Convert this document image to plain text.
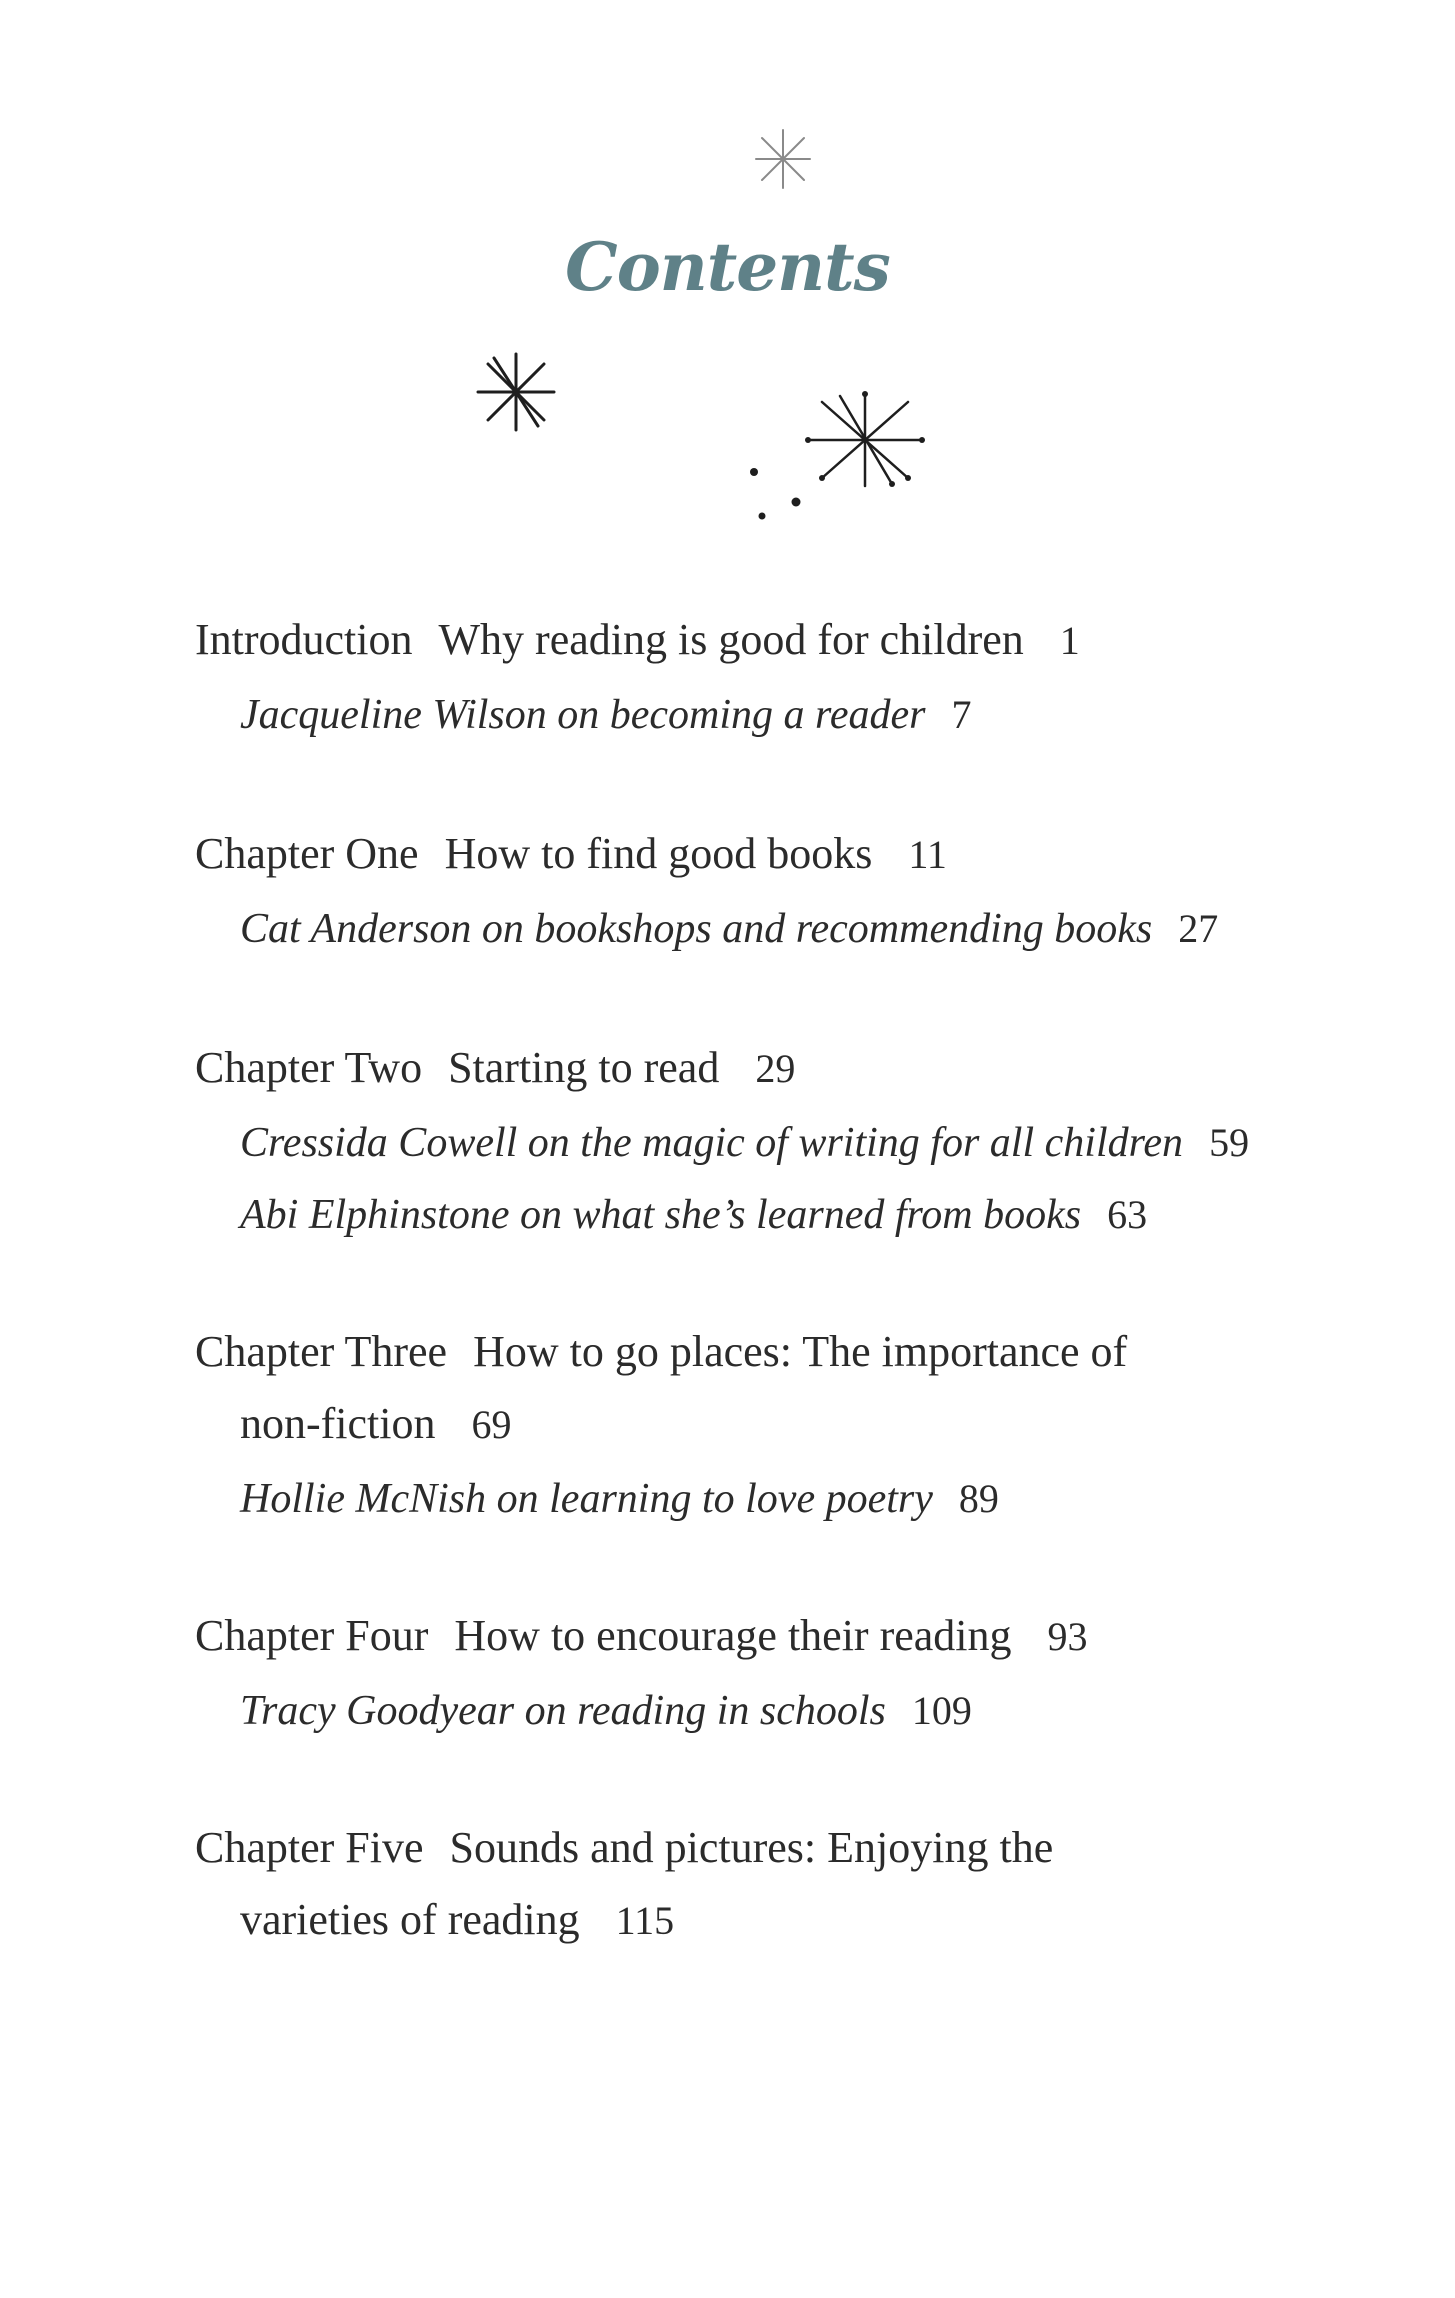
Contents
Introduction Why reading is good for children 1
Jacqueline Wilson on becoming a reader 7
Chapter One How to find good books 11
Cat Anderson on bookshops and recommending books 27
Chapter Two Starting to read 29
Cressida Cowell on the magic of writing for all children 59
Abi Elphinstone on what she’s learned from books 63
Chapter Three How to go places: The importance of
non-fiction 69
Hollie McNish on learning to love poetry 89
Chapter Four How to encourage their reading 93
Tracy Goodyear on reading in schools 109
Chapter Five Sounds and pictures: Enjoying the
varieties of reading 115
